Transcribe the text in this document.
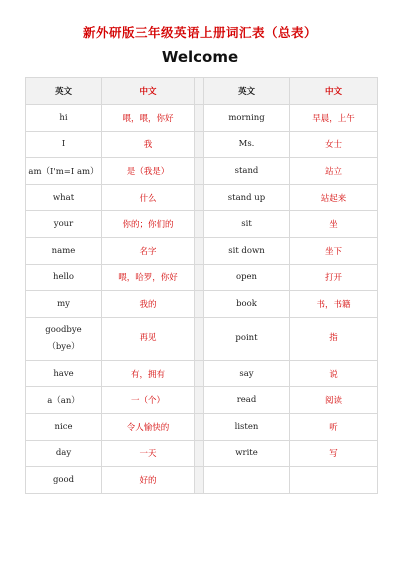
新外研版三年级英语上册词汇表（总表）
Welcome
英文	中文		英文	中文
hi	喂，喂，你好		morning	早晨，上午
I	我		Ms.	女士
am（I'm=I am）	是（我是）		stand	站立
what	什么		stand up	站起来
your	你的；你们的		sit	坐
name	名字		sit down	坐下
hello	喂，哈罗，你好		open	打开
my	我的		book	书，书籍
goodbye
（bye）	再见		point	指
have	有，拥有		say	说
a（an）	一（个）		read	阅读
nice	令人愉快的		listen	听
day	一天		write	写
good	好的			
